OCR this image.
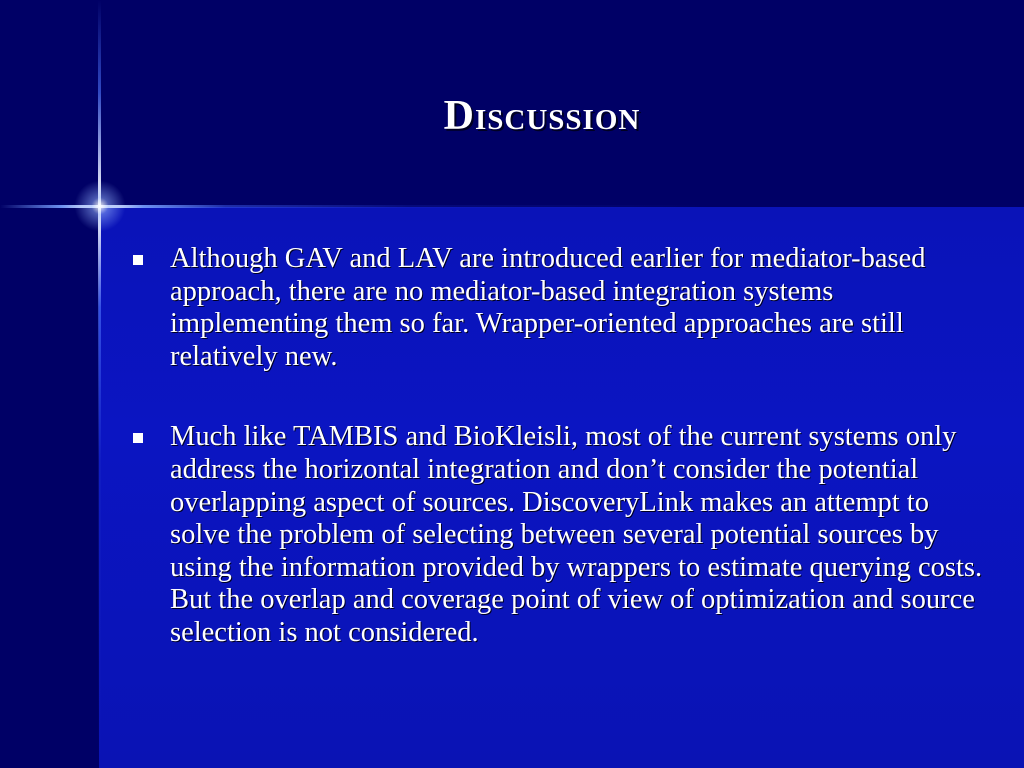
Discussion
Although GAV and LAV are introduced earlier for mediator-based approach, there are no mediator-based integration systems implementing them so far. Wrapper-oriented approaches are still relatively new.
Much like TAMBIS and BioKleisli, most of the current systems only address the horizontal integration and don’t consider the potential overlapping aspect of sources. DiscoveryLink makes an attempt to solve the problem of selecting between several potential sources by using the information provided by wrappers to estimate querying costs. But the overlap and coverage point of view of optimization and source selection is not considered.
